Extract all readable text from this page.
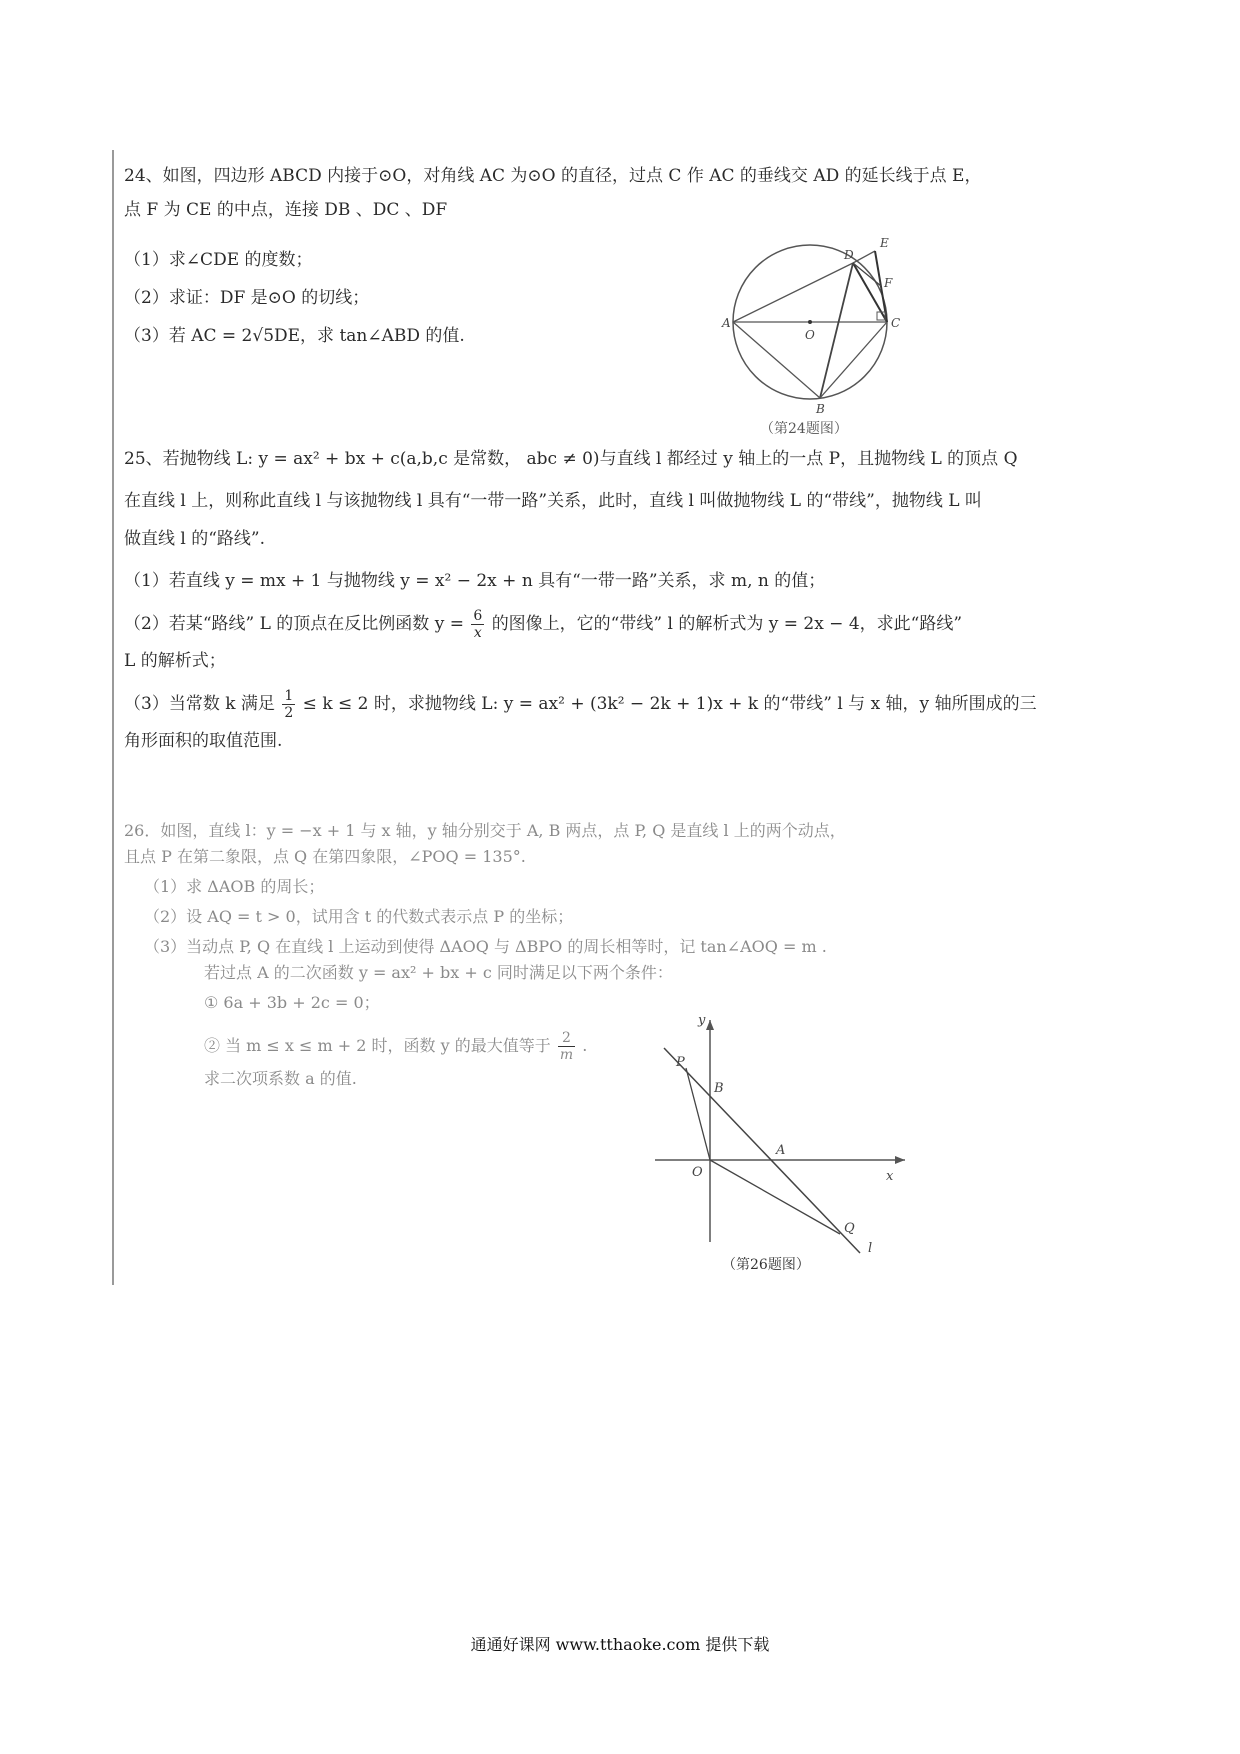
24、如图，四边形 ABCD 内接于⊙O，对角线 AC 为⊙O 的直径，过点 C 作 AC 的垂线交 AD 的延长线于点 E，
点 F 为 CE 的中点，连接 DB 、DC 、DF
（1）求∠CDE 的度数；
（2）求证：DF 是⊙O 的切线；
（3）若 AC = 2√5DE，求 tan∠ABD 的值.
D
E
F
A
O
C
B
（第24题图）
25、若抛物线 L: y = ax² + bx + c(a,b,c 是常数， abc ≠ 0)与直线 l 都经过 y 轴上的一点 P，且抛物线 L 的顶点 Q
在直线 l 上，则称此直线 l 与该抛物线 l 具有“一带一路”关系，此时，直线 l 叫做抛物线 L 的“带线”，抛物线 L 叫
做直线 l 的“路线”.
（1）若直线 y = mx + 1 与抛物线 y = x² − 2x + n 具有“一带一路”关系，求 m, n 的值；
（2）若某“路线” L 的顶点在反比例函数 $y = \frac{6}{x}$ 的图像上，它的“带线” l 的解析式为 y = 2x − 4，求此“路线”
L 的解析式；
（3）当常数 k 满足 $\frac{1}{2} \le k \le 2$ 时，求抛物线 L: y = ax² + (3k² − 2k + 1)x + k 的“带线” l 与 x 轴，y 轴所围成的三
角形面积的取值范围.
26．如图，直线 l：y = −x + 1 与 x 轴，y 轴分别交于 A, B 两点，点 P, Q 是直线 l 上的两个动点，
且点 P 在第二象限，点 Q 在第四象限，∠POQ = 135°.
（1）求 ΔAOB 的周长；
（2）设 AQ = t > 0，试用含 t 的代数式表示点 P 的坐标；
（3）当动点 P, Q 在直线 l 上运动到使得 ΔAOQ 与 ΔBPO 的周长相等时，记 tan∠AOQ = m .
若过点 A 的二次函数 y = ax² + bx + c 同时满足以下两个条件：
① 6a + 3b + 2c = 0；
② 当 m ≤ x ≤ m + 2 时，函数 y 的最大值等于 $\frac{2}{m}$ .
求二次项系数 a 的值.
y
x
P
B
A
O
Q
l
（第26题图）
通通好课网 www.tthaoke.com 提供下载
